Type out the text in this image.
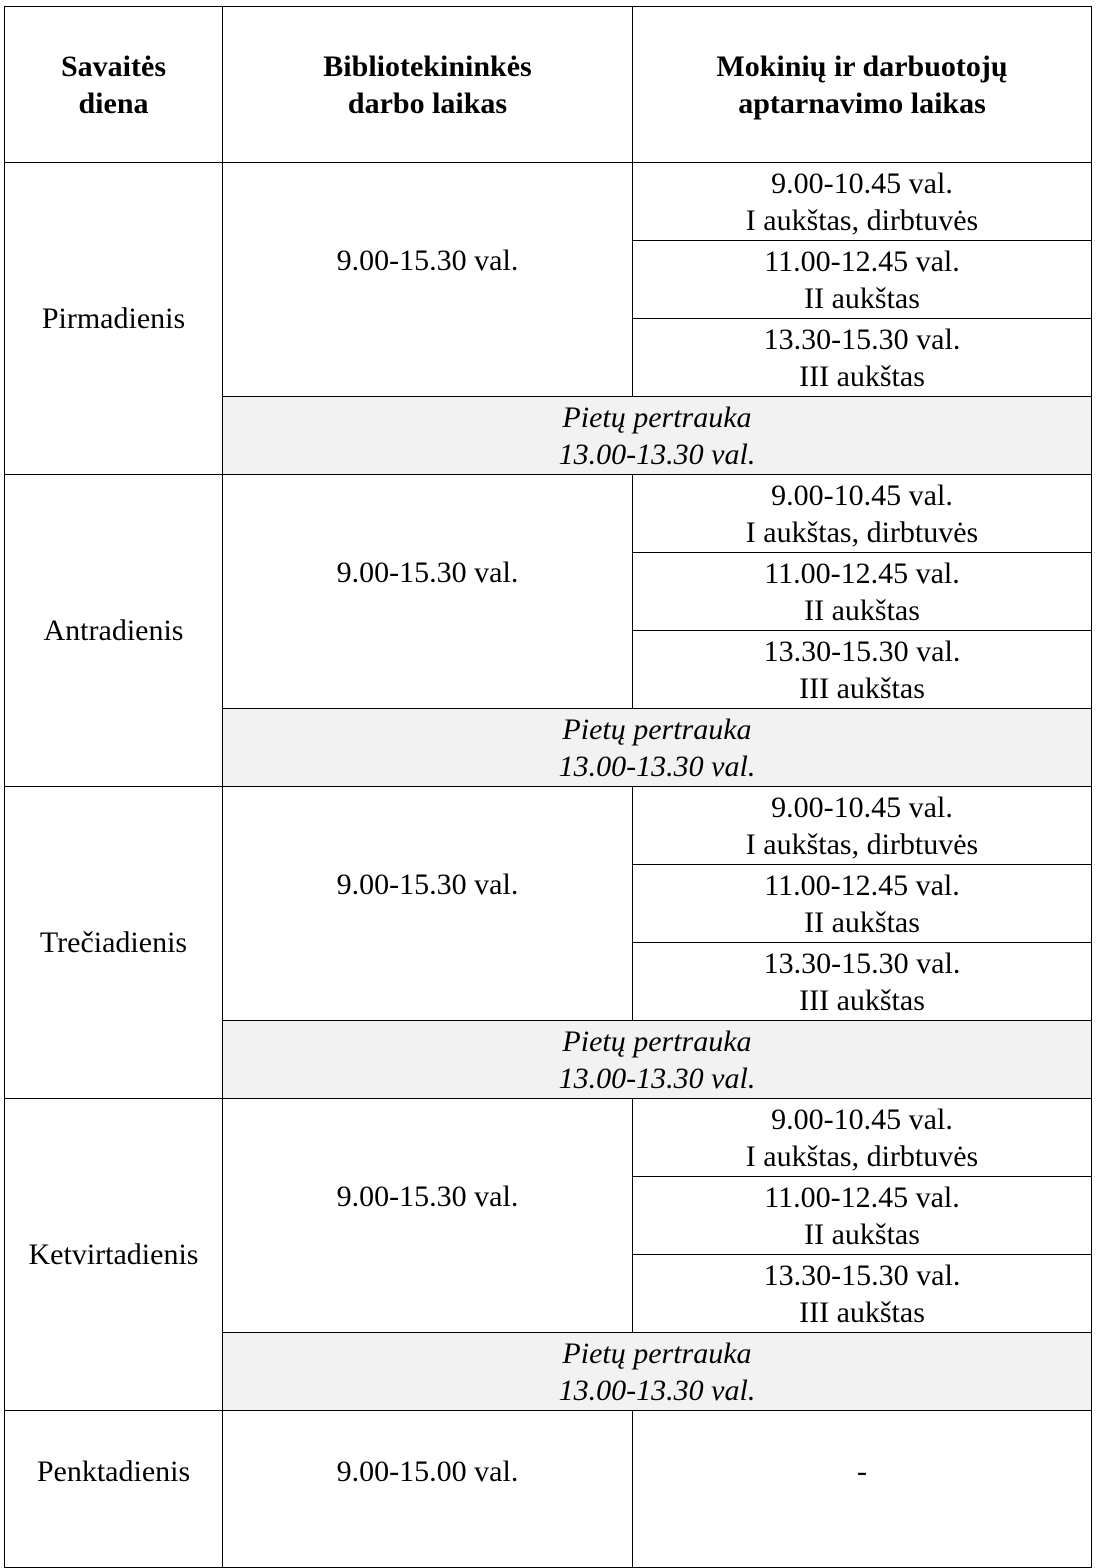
Savaitės
diena
Bibliotekininkės
darbo laikas
Mokinių ir darbuotojų
aptarnavimo laikas
Pirmadienis
9.00-15.30 val.
9.00-10.45 val.
I aukštas, dirbtuvės
11.00-12.45 val.
II aukštas
13.30-15.30 val.
III aukštas
Pietų pertrauka
13.00-13.30 val.
Antradienis
9.00-15.30 val.
9.00-10.45 val.
I aukštas, dirbtuvės
11.00-12.45 val.
II aukštas
13.30-15.30 val.
III aukštas
Pietų pertrauka
13.00-13.30 val.
Trečiadienis
9.00-15.30 val.
9.00-10.45 val.
I aukštas, dirbtuvės
11.00-12.45 val.
II aukštas
13.30-15.30 val.
III aukštas
Pietų pertrauka
13.00-13.30 val.
Ketvirtadienis
9.00-15.30 val.
9.00-10.45 val.
I aukštas, dirbtuvės
11.00-12.45 val.
II aukštas
13.30-15.30 val.
III aukštas
Pietų pertrauka
13.00-13.30 val.
Penktadienis	9.00-15.00 val.	-
